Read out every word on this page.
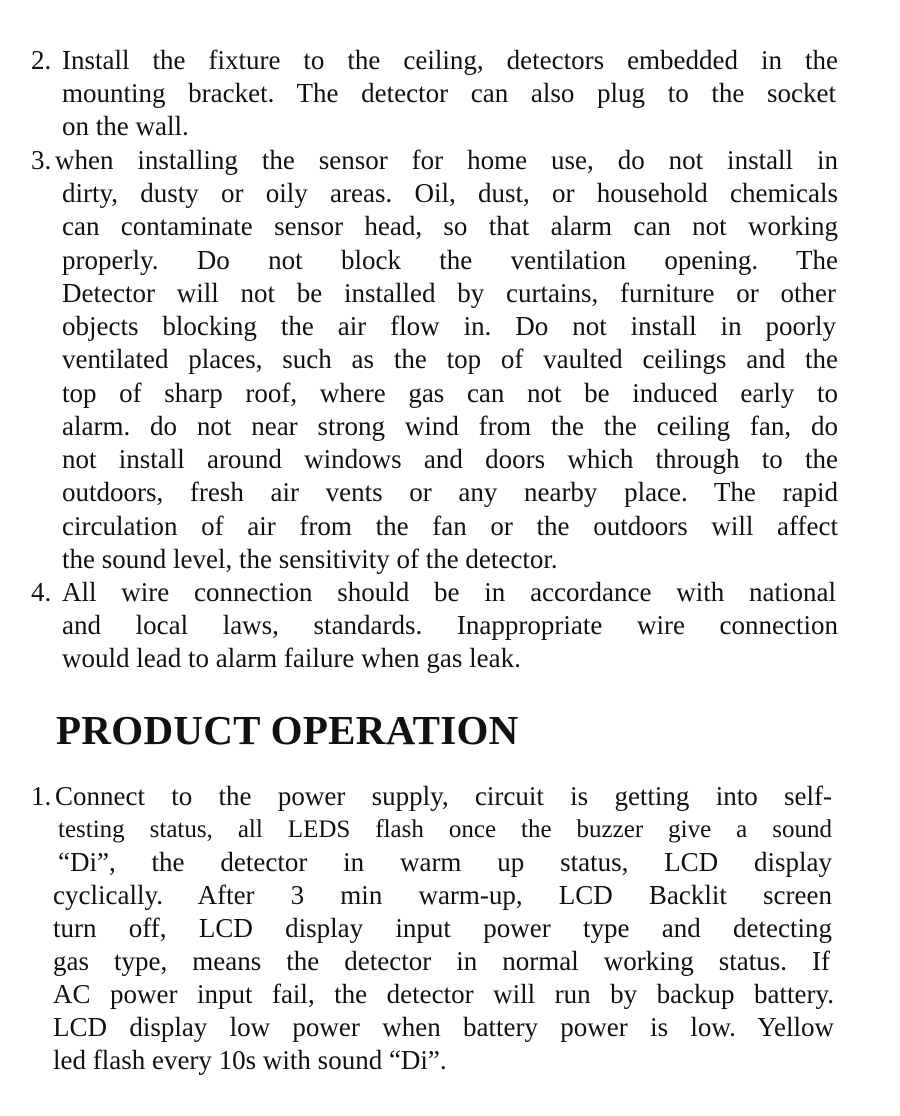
2. Install the fixture to the ceiling, detectors embedded in the
mounting bracket. The detector can also plug to the socket
on the wall.
3. when installing the sensor for home use, do not install in
dirty, dusty or oily areas. Oil, dust, or household chemicals
can contaminate sensor head, so that alarm can not working
properly. Do not block the ventilation opening. The
Detector will not be installed by curtains, furniture or other
objects blocking the air flow in. Do not install in poorly
ventilated places, such as the top of vaulted ceilings and the
top of sharp roof, where gas can not be induced early to
alarm. do not near strong wind from the the ceiling fan, do
not install around windows and doors which through to the
outdoors, fresh air vents or any nearby place. The rapid
circulation of air from the fan or the outdoors will affect
the sound level, the sensitivity of the detector.
4. All wire connection should be in accordance with national
and local laws, standards. Inappropriate wire connection
would lead to alarm failure when gas leak.
PRODUCT OPERATION
1. Connect to the power supply, circuit is getting into self-
testing status, all LEDS flash once the buzzer give a sound
“Di”, the detector in warm up status, LCD display
cyclically. After 3 min warm-up, LCD Backlit screen
turn off, LCD display input power type and detecting
gas type, means the detector in normal working status. If
AC power input fail, the detector will run by backup battery.
LCD display low power when battery power is low. Yellow
led flash every 10s with sound “Di”.
